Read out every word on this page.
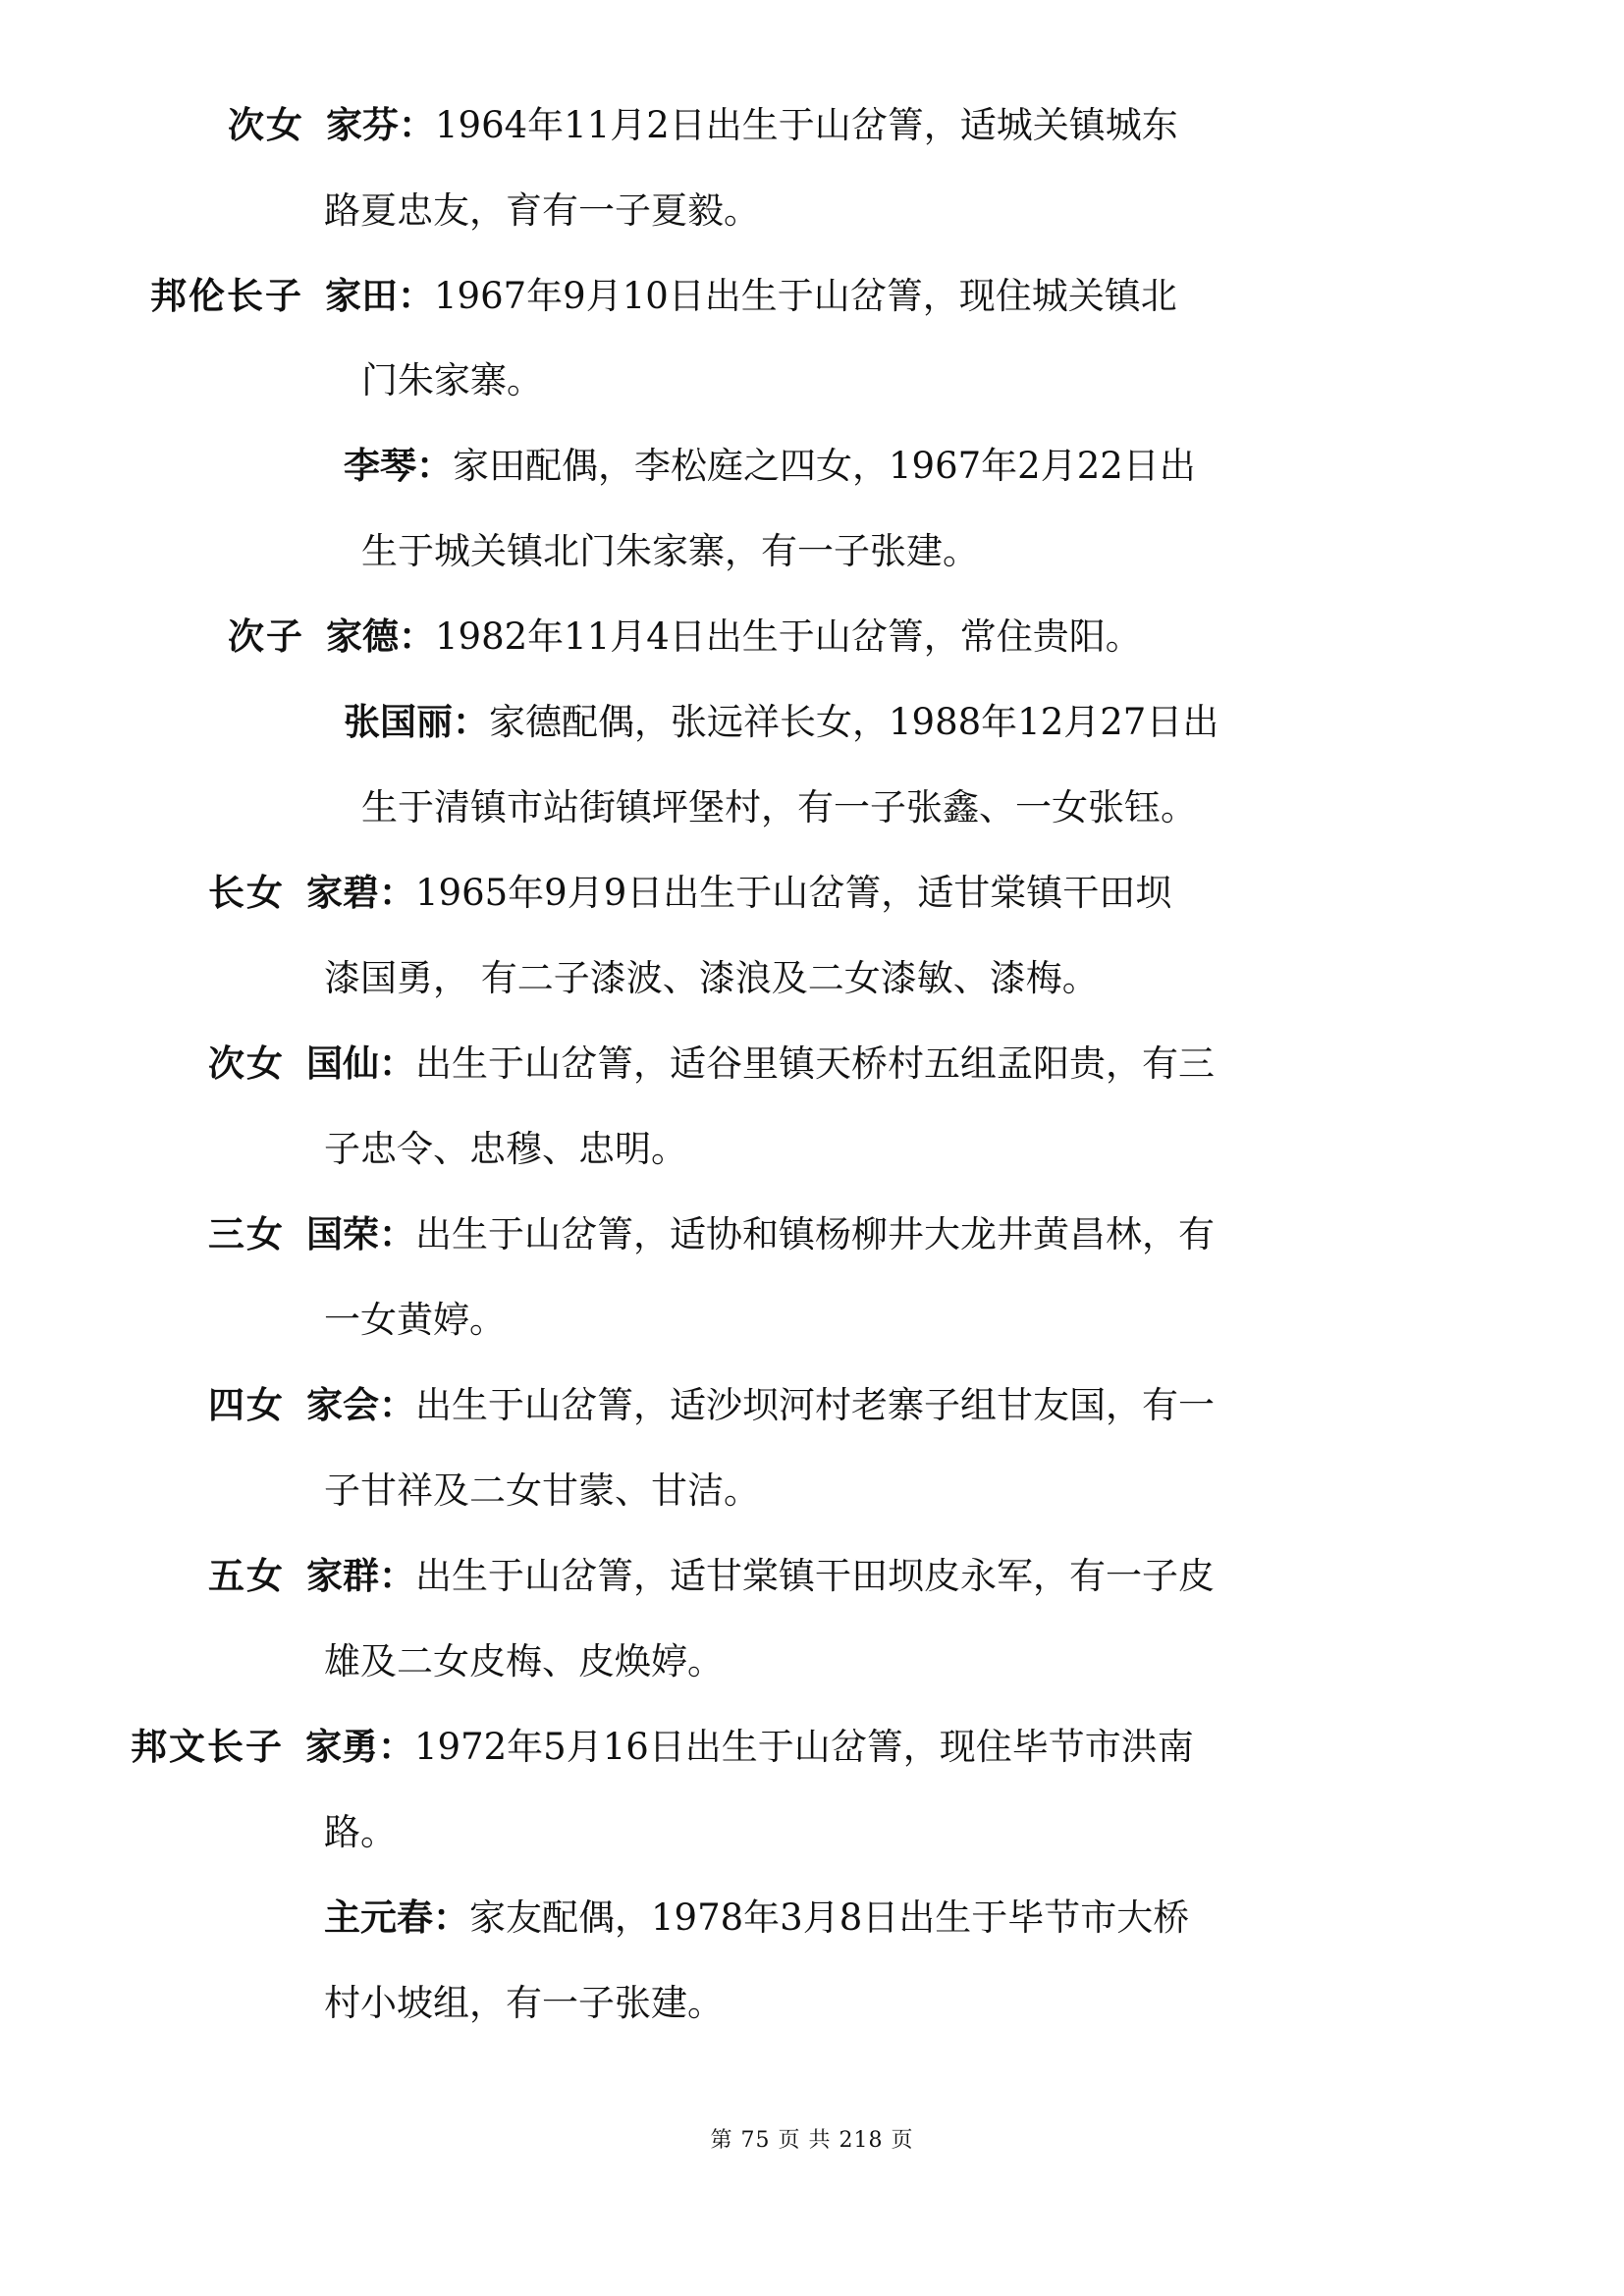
次女 家芬：1964年11月2日出生于山岔箐，适城关镇城东
路夏忠友，育有一子夏毅。
邦伦长子 家田：1967年9月10日出生于山岔箐，现住城关镇北
门朱家寨。
李琴：家田配偶，李松庭之四女，1967年2月22日出
生于城关镇北门朱家寨，有一子张建。
次子 家德：1982年11月4日出生于山岔箐，常住贵阳。
张国丽：家德配偶，张远祥长女，1988年12月27日出
生于清镇市站街镇坪堡村，有一子张鑫、一女张钰。
长女 家碧：1965年9月9日出生于山岔箐，适甘棠镇干田坝
漆国勇， 有二子漆波、漆浪及二女漆敏、漆梅。
次女 国仙：出生于山岔箐，适谷里镇天桥村五组孟阳贵，有三
子忠令、忠穆、忠明。
三女 国荣：出生于山岔箐，适协和镇杨柳井大龙井黄昌林，有
一女黄婷。
四女 家会：出生于山岔箐，适沙坝河村老寨子组甘友国，有一
子甘祥及二女甘蒙、甘洁。
五女 家群：出生于山岔箐，适甘棠镇干田坝皮永军，有一子皮
雄及二女皮梅、皮焕婷。
邦文长子 家勇：1972年5月16日出生于山岔箐，现住毕节市洪南
路。
主元春：家友配偶，1978年3月8日出生于毕节市大桥
村小坡组，有一子张建。
第 75 页 共 218 页
